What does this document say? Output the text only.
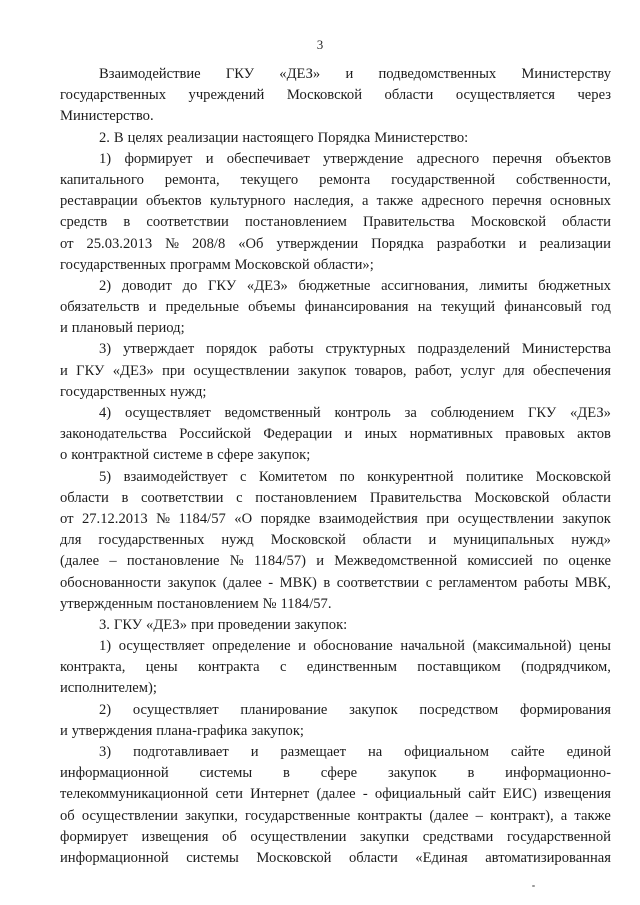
3
Взаимодействие ГКУ «ДЕЗ» и подведомственных Министерству
государственных учреждений Московской области осуществляется через
Министерство.
2. В целях реализации настоящего Порядка Министерство:
1) формирует и обеспечивает утверждение адресного перечня объектов
капитального ремонта, текущего ремонта государственной собственности,
реставрации объектов культурного наследия, а также адресного перечня основных
средств в соответствии постановлением Правительства Московской области
от 25.03.2013 № 208/8 «Об утверждении Порядка разработки и реализации
государственных программ Московской области»;
2) доводит до ГКУ «ДЕЗ» бюджетные ассигнования, лимиты бюджетных
обязательств и предельные объемы финансирования на текущий финансовый год
и плановый период;
3) утверждает порядок работы структурных подразделений Министерства
и ГКУ «ДЕЗ» при осуществлении закупок товаров, работ, услуг для обеспечения
государственных нужд;
4) осуществляет ведомственный контроль за соблюдением ГКУ «ДЕЗ»
законодательства Российской Федерации и иных нормативных правовых актов
о контрактной системе в сфере закупок;
5) взаимодействует с Комитетом по конкурентной политике Московской
области в соответствии с постановлением Правительства Московской области
от 27.12.2013 № 1184/57 «О порядке взаимодействия при осуществлении закупок
для государственных нужд Московской области и муниципальных нужд»
(далее – постановление № 1184/57) и Межведомственной комиссией по оценке
обоснованности закупок (далее - МВК) в соответствии с регламентом работы МВК,
утвержденным постановлением № 1184/57.
3. ГКУ «ДЕЗ» при проведении закупок:
1) осуществляет определение и обоснование начальной (максимальной) цены
контракта, цены контракта с единственным поставщиком (подрядчиком,
исполнителем);
2) осуществляет планирование закупок посредством формирования
и утверждения плана-графика закупок;
3) подготавливает и размещает на официальном сайте единой
информационной системы в сфере закупок в информационно-
телекоммуникационной сети Интернет (далее - официальный сайт ЕИС) извещения
об осуществлении закупки, государственные контракты (далее – контракт), а также
формирует извещения об осуществлении закупки средствами государственной
информационной системы Московской области «Единая автоматизированная
